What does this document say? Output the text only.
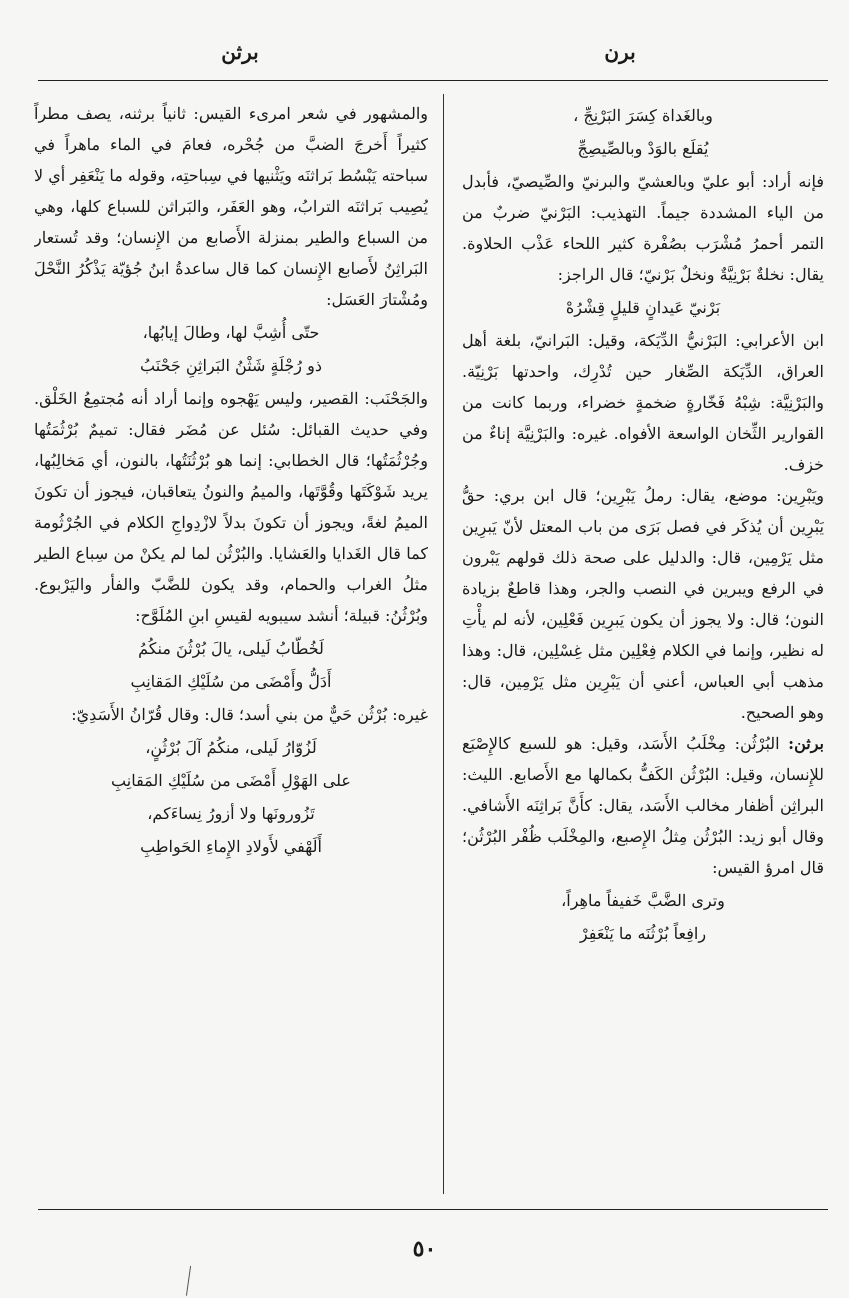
برن
برثن
وبالغَداة كِسَرَ البَرْنِجِّ ،
يُقلَع بالوَدْ وبالصِّيصِجِّ

فإنه أراد: أبو عليّ وبالعشيّ والبرنيّ والصِّيصيّ، فأبدل من الياء المشددة جيماً. التهذيب: البَرْنيّ ضربٌ من التمر أحمرُ مُشْرَب بصُفْرة كثير اللحاء عَذْب الحلاوة. يقال: نخلةٌ بَرْنِيَّةٌ ونخلٌ بَرْنيّ؛ قال الراجز:

بَرْنيّ عَيدانٍ قليلٍ قِشْرُهْ

ابن الأعرابي: البَرْنيُّ الدِّيَكة، وقيل: البَرانيّ، بلغة أهل العراق، الدِّيَكة الصِّغار حين تُدْرِك، واحدتها بَرْنِيّة. والبَرْنِيَّة: شِبْهُ فَخّارةٍ ضخمةٍ خضراء، وربما كانت من القوارير الثِّخان الواسعة الأفواه. غيره: والبَرْنِيَّة إناءٌ من خزف.

ويَبْرِين: موضع، يقال: رملُ يَبْرِين؛ قال ابن بري: حقُّ يَبْرِين أن يُذكَر في فصل بَرَى من باب المعتل لأنّ يَبرِين مثل يَرْمِين، قال: والدليل على صحة ذلك قولهم يَبْرون في الرفع ويبرين في النصب والجر، وهذا قاطعٌ بزيادة النون؛ قال: ولا يجوز أن يكون يَبرِين فَعْلِين، لأنه لم يأْتِ له نظير، وإنما في الكلام فِعْلِين مثل غِسْلِين، قال: وهذا مذهب أبي العباس، أعني أن يَبْرِين مثل يَرْمِين، قال: وهو الصحيح.

برثن: البُرْثُن: مِخْلَبُ الأَسَد، وقيل: هو للسبع كالإِصْبَع للإِنسان، وقيل: البُرْثُن الكَفُّ بكمالها مع الأَصابع. الليث: البراثِن أظفار مخالب الأَسَد، يقال: كأَنَّ بَراثِنَه الأَشافي. وقال أبو زيد: البُرْثُن مِثلُ الإِصبع، والمِخْلَب ظُفْر البُرْثُن؛ قال امرؤ القيس:

وترى الضَّبَّ خَفيفاً ماهِراً،
رافِعاً بُرْثُنَه ما يَنْعَفِرْ

والمشهور في شعر امرىء القيس: ثانياً برثنه، يصف مطراً كثيراً أَخرجَ الضبَّ من جُحْره، فعامَ في الماء ماهراً في سباحته يَبْسُط بَراثنَه ويَثْنيها في سِباحتِه، وقوله ما يَنْعَفِر أي لا يُصِيب بَراثنَه الترابُ، وهو العَفَر، والبَراثن للسباع كلها، وهي من السباع والطير بمنزلة الأَصابع من الإِنسان؛ وقد تُستعار البَراثِنُ لأَصابع الإِنسان كما قال ساعدةُ ابنُ جُؤيّة يَذْكُرُ النَّحْلَ ومُشْتارَ العَسَل:

حتّى أُشِبَّ لها، وطالَ إيابُها،
ذو رُجْلَةٍ شَثْنُ البَراثِنِ جَحْنَبُ

والجَحْنَب: القصير، وليس يَهْجوه وإنما أراد أنه مُجتمِعُ الخَلْق. وفي حديث القبائل: سُئل عن مُضَر فقال: تميمٌ بُرْثُمَتُها وجُرْثُمَتُها؛ قال الخطابي: إنما هو بُرْثُنَتُها، بالنون، أي مَخالِبُها، يريد شَوْكَتَها وقُوَّتَها، والميمُ والنونُ يتعاقبان، فيجوز أن تكونَ الميمُ لغةً، ويجوز أن تكونَ بدلاً لازْدِواجِ الكلام في الجُرْثُومة كما قال الغَدايا والعَشايا. والبُرْثُن لما لم يكنْ من سِباع الطير مثلُ الغراب والحمام، وقد يكون للضَّبّ والفأر واليَرْبوع. وبُرْثُنُ: قبيلة؛ أنشد سيبويه لقيسِ ابنِ المُلَوَّح:

لَخُطّابُ لَيلى، يالَ بُرْثُنَ منكُمُ
أَدَلُّ وأَمْضَى من سُلَيْكِ المَقانِبِ

غيره: بُرْثُن حَيٌّ من بني أسد؛ قال: وقال قُرّانُ الأَسَدِيّ:

لَزُوّارُ لَيلى، منكُمُ آلَ بُرْثُنٍ،
على الهَوْلِ أَمْضَى من سُلَيْكِ المَقانِبِ
تَزُورونَها ولا أزورُ نِساءَكم،
أَلَهْفي لأَولادِ الإِماءِ الحَواطِبِ
٥٠
